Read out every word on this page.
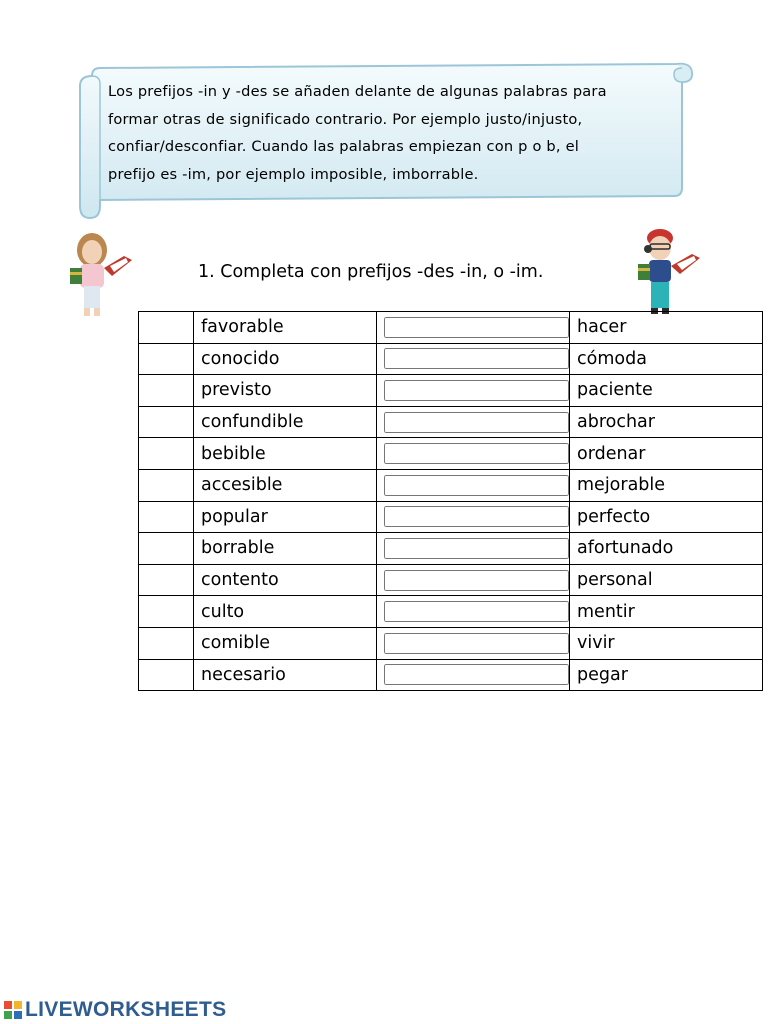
Los prefijos -in y -des se añaden delante de algunas palabras para
formar otras de significado contrario. Por ejemplo justo/injusto,
confiar/desconfiar. Cuando las palabras empiezan con p o b, el
prefijo es -im, por ejemplo imposible, imborrable.
1. Completa con prefijos -des -in, o -im.
	favorable		hacer
	conocido		cómoda
	previsto		paciente
	confundible		abrochar
	bebible		ordenar
	accesible		mejorable
	popular		perfecto
	borrable		afortunado
	contento		personal
	culto		mentir
	comible		vivir
	necesario		pegar
LIVEWORKSHEETS
